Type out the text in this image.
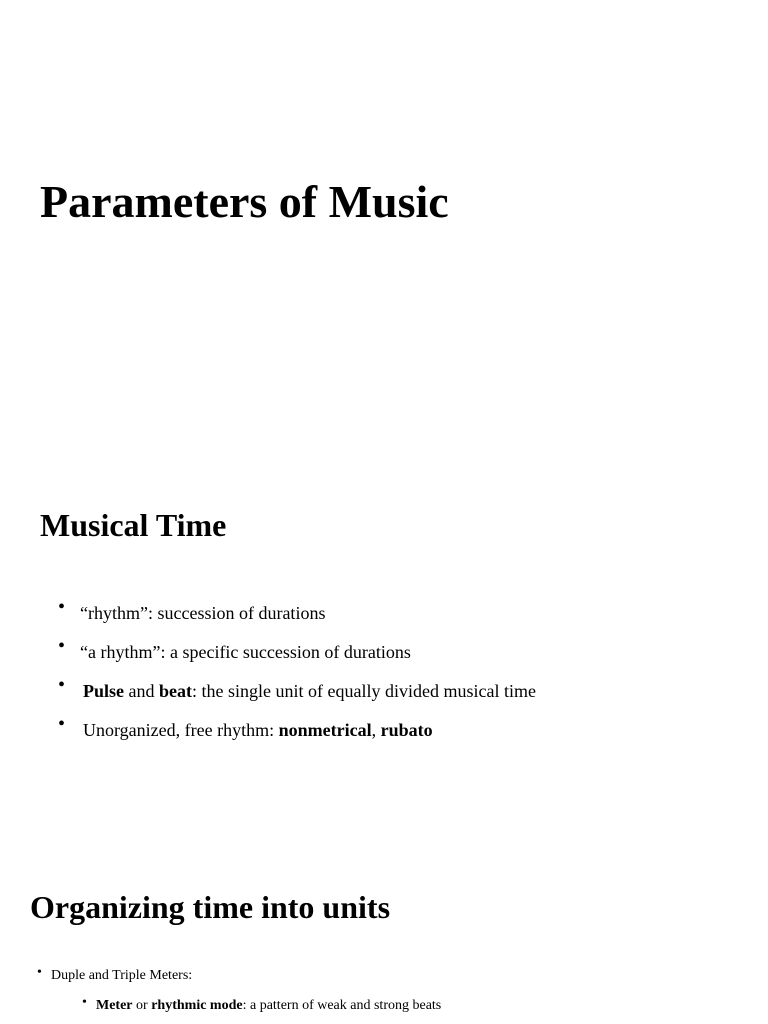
Parameters of Music
Musical Time
• “rhythm”: succession of durations
• “a rhythm”: a specific succession of durations
• Pulse and beat: the single unit of equally divided musical time
• Unorganized, free rhythm: nonmetrical, rubato
Organizing time into units
• Duple and Triple Meters:
• Meter or rhythmic mode: a pattern of weak and strong beats
